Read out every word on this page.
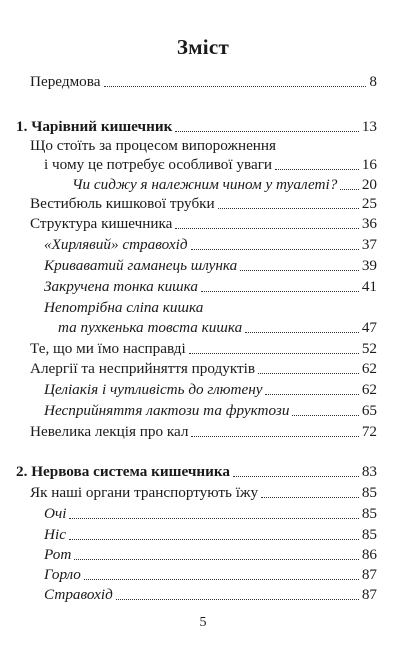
Зміст
Передмова	8
1. Чарівний кишечник	13
Що стоїть за процесом випорожнення
і чому це потребує особливої уваги	16
Чи сиджу я належним чином у туалеті? 20
Вестибюль кишкової трубки	25
Структура кишечника	36
«Хирлявий» стравохід	37
Криваватий гаманець шлунка	39
Закручена тонка кишка	41
Непотрібна сліпа кишка
та пухкенька товста кишка	47
Те, що ми їмо насправді	52
Алергії та несприйняття продуктів	62
Целіакія і чутливість до глютену	62
Несприйняття лактози та фруктози	65
Невелика лекція про кал	72
2. Нервова система кишечника	83
Як наші органи транспортують їжу	85
Очі	85
Ніс	85
Рот	86
Горло	87
Стравохід	87
5
